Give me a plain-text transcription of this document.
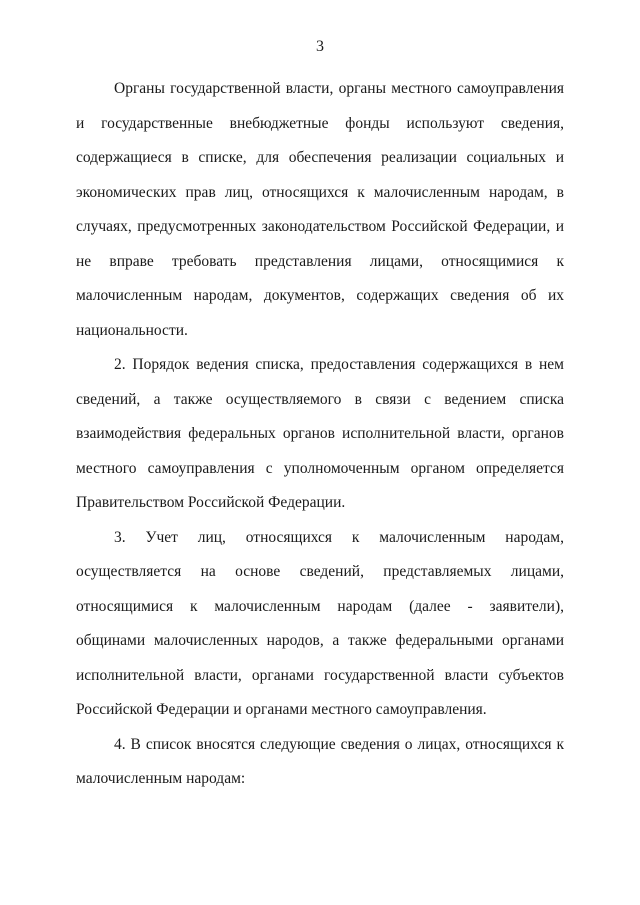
3
Органы государственной власти, органы местного самоуправления
и государственные внебюджетные фонды используют сведения,
содержащиеся в списке, для обеспечения реализации социальных и
экономических прав лиц, относящихся к малочисленным народам, в
случаях, предусмотренных законодательством Российской Федерации, и
не вправе требовать представления лицами, относящимися к
малочисленным народам, документов, содержащих сведения об их
национальности.
2. Порядок ведения списка, предоставления содержащихся в нем
сведений, а также осуществляемого в связи с ведением списка
взаимодействия федеральных органов исполнительной власти, органов
местного самоуправления с уполномоченным органом определяется
Правительством Российской Федерации.
3. Учет лиц, относящихся к малочисленным народам,
осуществляется на основе сведений, представляемых лицами,
относящимися к малочисленным народам (далее - заявители),
общинами малочисленных народов, а также федеральными органами
исполнительной власти, органами государственной власти субъектов
Российской Федерации и органами местного самоуправления.
4. В список вносятся следующие сведения о лицах, относящихся к
малочисленным народам:
